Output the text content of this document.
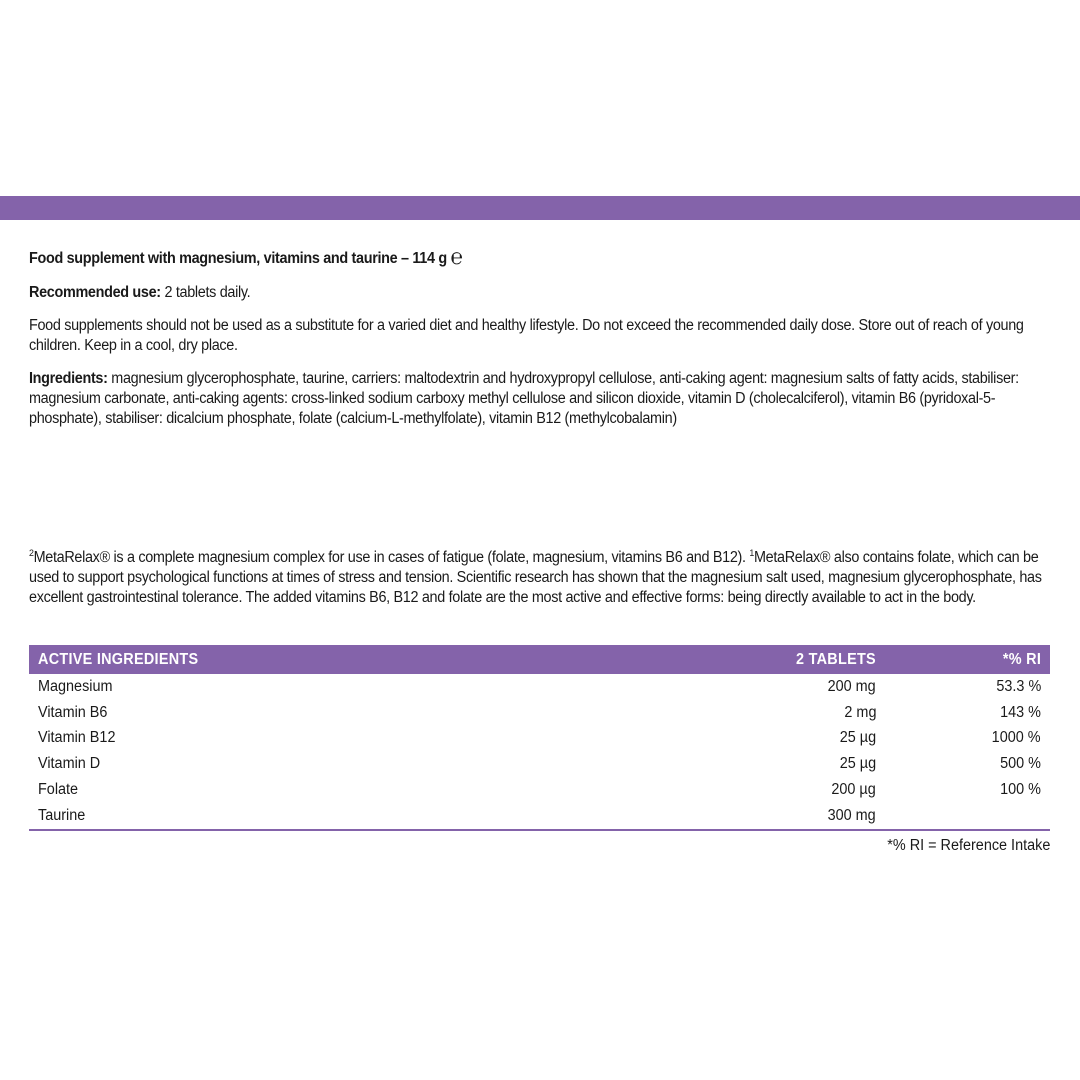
Food supplement with magnesium, vitamins and taurine – 114 g ℮

Recommended use: 2 tablets daily.

Food supplements should not be used as a substitute for a varied diet and healthy lifestyle. Do not exceed the recommended daily dose. Store out of reach of young children. Keep in a cool, dry place.

Ingredients: magnesium glycerophosphate, taurine, carriers: maltodextrin and hydroxypropyl cellulose, anti-caking agent: magnesium salts of fatty acids, stabiliser: magnesium carbonate, anti-caking agents: cross-linked sodium carboxy methyl cellulose and silicon dioxide, vitamin D (cholecalciferol), vitamin B6 (pyridoxal-5-phosphate), stabiliser: dicalcium phosphate, folate (calcium-L-methylfolate), vitamin B12 (methylcobalamin)

$^2$MetaRelax® is a complete magnesium complex for use in cases of fatigue (folate, magnesium, vitamins B6 and B12). $^1$MetaRelax® also contains folate, which can be used to support psychological functions at times of stress and tension. Scientific research has shown that the magnesium salt used, magnesium glycerophosphate, has excellent gastrointestinal tolerance. The added vitamins B6, B12 and folate are the most active and effective forms: being directly available to act in the body.

ACTIVE INGREDIENTS	2 TABLETS	*% RI
Magnesium	200 mg	53.3 %
Vitamin B6	2 mg	143 %
Vitamin B12	25 µg	1000 %
Vitamin D	25 µg	500 %
Folate	200 µg	100 %
Taurine	300 mg
*% RI = Reference Intake
